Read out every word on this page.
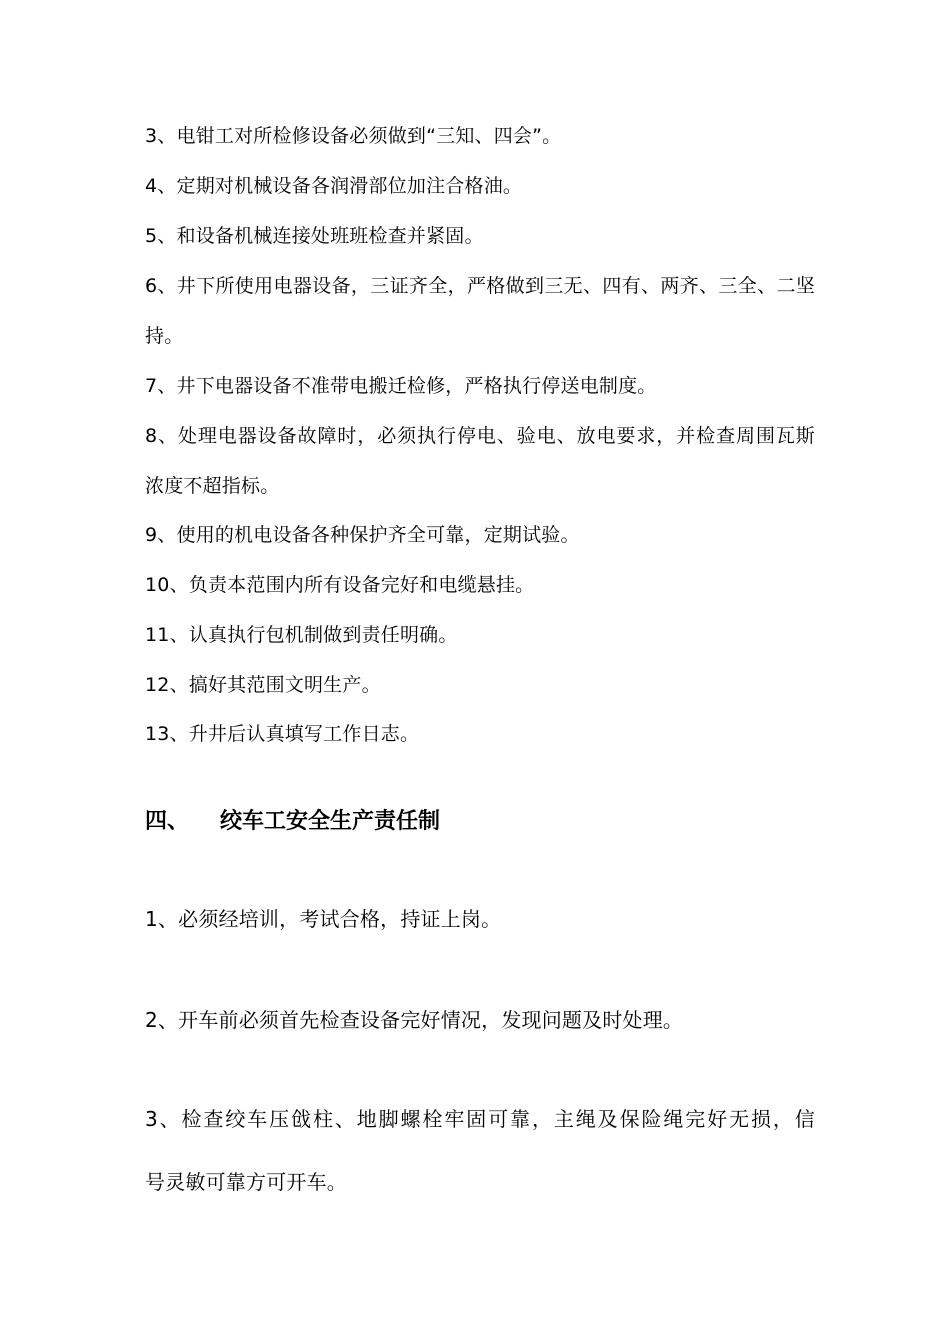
3、电钳工对所检修设备必须做到“三知、四会”。
4、定期对机械设备各润滑部位加注合格油。
5、和设备机械连接处班班检查并紧固。
6、井下所使用电器设备，三证齐全，严格做到三无、四有、两齐、三全、二坚
持。
7、井下电器设备不准带电搬迁检修，严格执行停送电制度。
8、处理电器设备故障时，必须执行停电、验电、放电要求，并检查周围瓦斯
浓度不超指标。
9、使用的机电设备各种保护齐全可靠，定期试验。
10、负责本范围内所有设备完好和电缆悬挂。
11、认真执行包机制做到责任明确。
12、搞好其范围文明生产。
13、升井后认真填写工作日志。
四、 绞车工安全生产责任制
1、必须经培训，考试合格，持证上岗。
2、开车前必须首先检查设备完好情况，发现问题及时处理。
3、检查绞车压戗柱、地脚螺栓牢固可靠，主绳及保险绳完好无损，信
号灵敏可靠方可开车。
